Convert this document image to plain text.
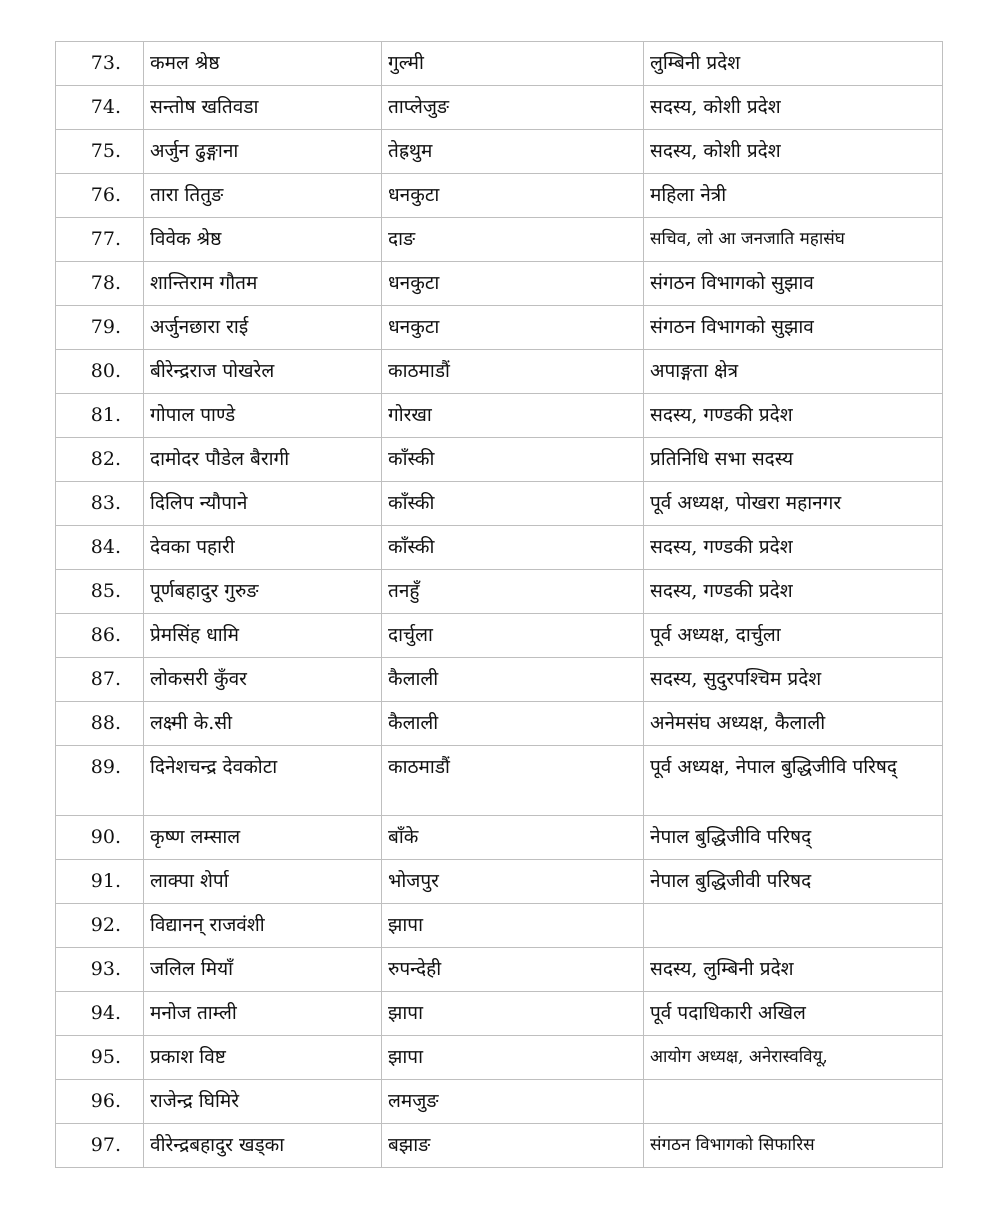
73.	कमल श्रेष्ठ	गुल्मी	लुम्बिनी प्रदेश
74.	सन्तोष खतिवडा	ताप्लेजुङ	सदस्य, कोशी प्रदेश
75.	अर्जुन ढुङ्गाना	तेह्रथुम	सदस्य, कोशी प्रदेश
76.	तारा तितुङ	धनकुटा	महिला नेत्री
77.	विवेक श्रेष्ठ	दाङ	सचिव, लो आ जनजाति महासंघ
78.	शान्तिराम गौतम	धनकुटा	संगठन विभागको सुझाव
79.	अर्जुनछारा राई	धनकुटा	संगठन विभागको सुझाव
80.	बीरेन्द्रराज पोखरेल	काठमाडौं	अपाङ्गता क्षेत्र
81.	गोपाल पाण्डे	गोरखा	सदस्य, गण्डकी प्रदेश
82.	दामोदर पौडेल बैरागी	काँस्की	प्रतिनिधि सभा सदस्य
83.	दिलिप न्यौपाने	काँस्की	पूर्व अध्यक्ष, पोखरा महानगर
84.	देवका पहारी	काँस्की	सदस्य, गण्डकी प्रदेश
85.	पूर्णबहादुर गुरुङ	तनहुँ	सदस्य, गण्डकी प्रदेश
86.	प्रेमसिंह धामि	दार्चुला	पूर्व अध्यक्ष, दार्चुला
87.	लोकसरी कुँवर	कैलाली	सदस्य, सुदुरपश्चिम प्रदेश
88.	लक्ष्मी के.सी	कैलाली	अनेमसंघ अध्यक्ष, कैलाली
89.	दिनेशचन्द्र देवकोटा	काठमाडौं	पूर्व अध्यक्ष, नेपाल बुद्धिजीवि परिषद्
90.	कृष्ण लम्साल	बाँके	नेपाल बुद्धिजीवि परिषद्
91.	लाक्पा शेर्पा	भोजपुर	नेपाल बुद्धिजीवी परिषद
92.	विद्यानन् राजवंशी	झापा	
93.	जलिल मियाँ	रुपन्देही	सदस्य, लुम्बिनी प्रदेश
94.	मनोज ताम्ली	झापा	पूर्व पदाधिकारी अखिल
95.	प्रकाश विष्ट	झापा	आयोग अध्यक्ष, अनेरास्ववियू,
96.	राजेन्द्र घिमिरे	लमजुङ	
97.	वीरेन्द्रबहादुर खड्का	बझाङ	संगठन विभागको सिफारिस
